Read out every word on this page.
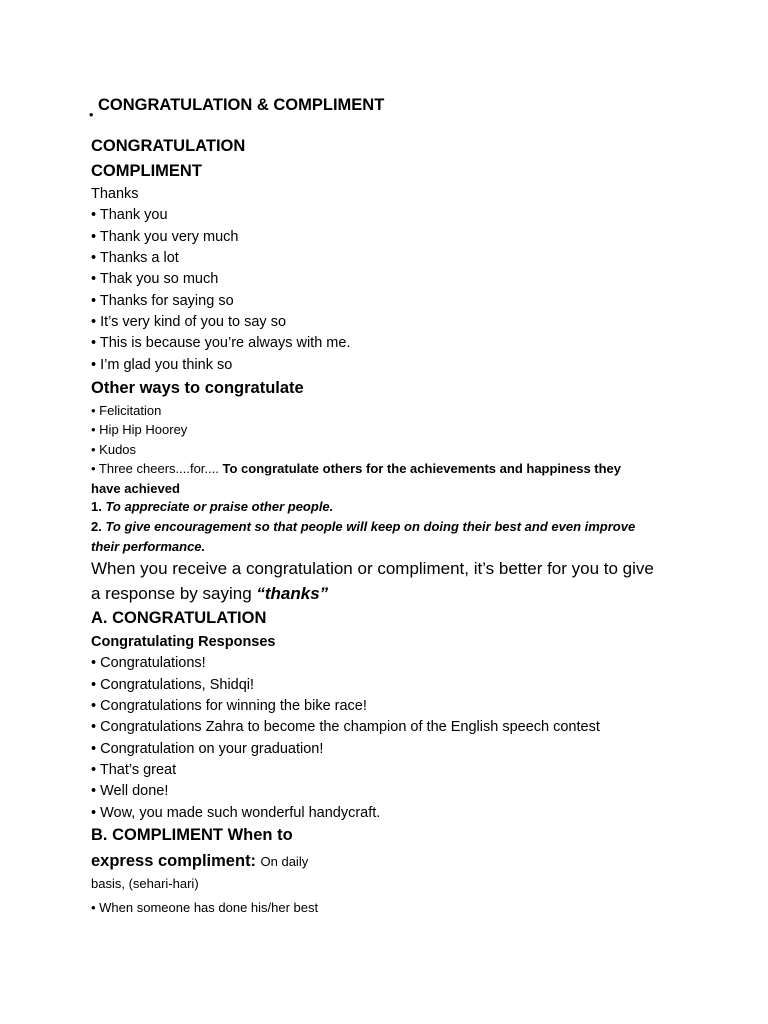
CONGRATULATION & COMPLIMENT
•
CONGRATULATION
COMPLIMENT
Thanks
• Thank you
• Thank you very much
• Thanks a lot
• Thak you so much
• Thanks for saying so
• It’s very kind of you to say so
• This is because you’re always with me.
• I’m glad you think so
Other ways to congratulate
• Felicitation
• Hip Hip Hoorey
• Kudos
• Three cheers....for.... To congratulate others for the achievements and happiness they
have achieved
1. To appreciate or praise other people.
2. To give encouragement so that people will keep on doing their best and even improve
their performance.
When you receive a congratulation or compliment, it’s better for you to give
a response by saying “thanks”
A. CONGRATULATION
Congratulating Responses
• Congratulations!
• Congratulations, Shidqi!
• Congratulations for winning the bike race!
• Congratulations Zahra to become the champion of the English speech contest
• Congratulation on your graduation!
• That’s great
• Well done!
• Wow, you made such wonderful handycraft.
B. COMPLIMENT When to
express compliment: On daily
basis, (sehari-hari)
• When someone has done his/her best
